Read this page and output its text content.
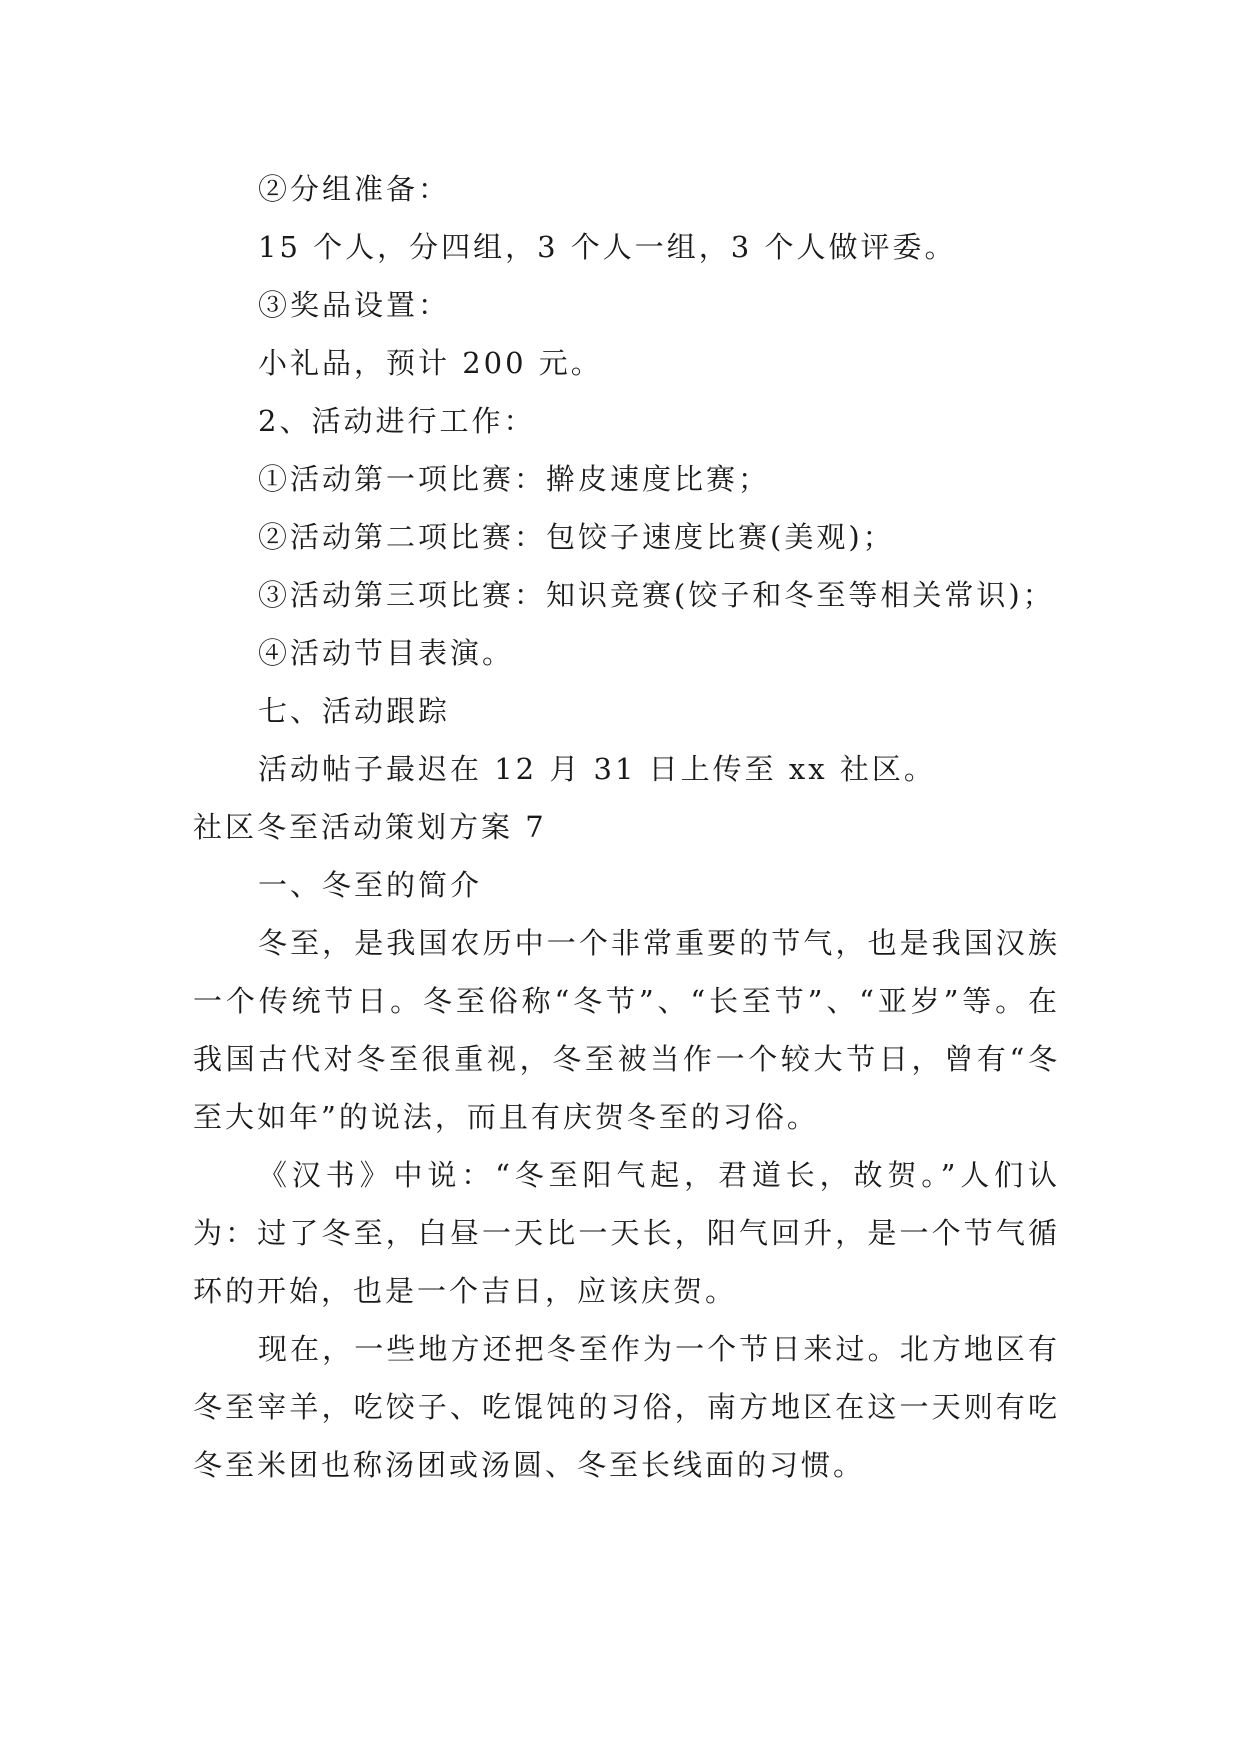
②分组准备：
15 个人，分四组，3 个人一组，3 个人做评委。
③奖品设置：
小礼品，预计 200 元。
2、活动进行工作：
①活动第一项比赛：擀皮速度比赛；
②活动第二项比赛：包饺子速度比赛(美观)；

③活动第三项比赛：知识竞赛(饺子和冬至等相关常识)；

④活动节目表演。
七、活动跟踪
活动帖子最迟在 12 月 31 日上传至 xx 社区。
社区冬至活动策划方案 7
一、冬至的简介

冬至，是我国农历中一个非常重要的节气，也是我国汉族一个传统节日。冬至俗称“冬节”、“长至节”、“亚岁”等。在我国古代对冬至很重视，冬至被当作一个较大节日，曾有“冬至大如年”的说法，而且有庆贺冬至的习俗。

《汉书》中说：“冬至阳气起，君道长，故贺。”人们认为：过了冬至，白昼一天比一天长，阳气回升，是一个节气循环的开始，也是一个吉日，应该庆贺。

现在，一些地方还把冬至作为一个节日来过。北方地区有冬至宰羊，吃饺子、吃馄饨的习俗，南方地区在这一天则有吃冬至米团也称汤团或汤圆、冬至长线面的习惯。
